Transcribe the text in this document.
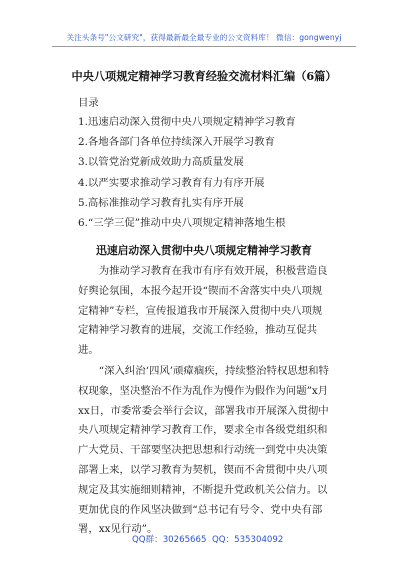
关注头条号"公文研究"，获得最新最全最专业的公文资料库！ 微信：gongwenyj
中央八项规定精神学习教育经验交流材料汇编（6篇）
目录
1.迅速启动深入贯彻中央八项规定精神学习教育
2.各地各部门各单位持续深入开展学习教育
3.以管党治党新成效助力高质量发展
4.以严实要求推动学习教育有力有序开展
5.高标准推动学习教育扎实有序开展
6.“三学三促”推动中央八项规定精神落地生根
迅速启动深入贯彻中央八项规定精神学习教育

　　为推动学习教育在我市有序有效开展，积极营造良好舆论氛围，本报今起开设“锲而不舍落实中央八项规定精神”专栏，宣传报道我市开展深入贯彻中央八项规定精神学习教育的进展，交流工作经验，推动互促共进。

　　“深入纠治‘四风’顽瘴痼疾，持续整治特权思想和特权现象，坚决整治不作为乱作为慢作为假作为问题”x月xx日，市委常委会举行会议，部署我市开展深入贯彻中央八项规定精神学习教育工作，要求全市各级党组织和广大党员、干部要坚决把思想和行动统一到党中央决策部署上来，以学习教育为契机，锲而不舍贯彻中央八项规定及其实施细则精神，不断提升党政机关公信力。以更加优良的作风坚决做到“总书记有号令、党中央有部署，xx见行动”。

QQ群：30265665 QQ：535304092
